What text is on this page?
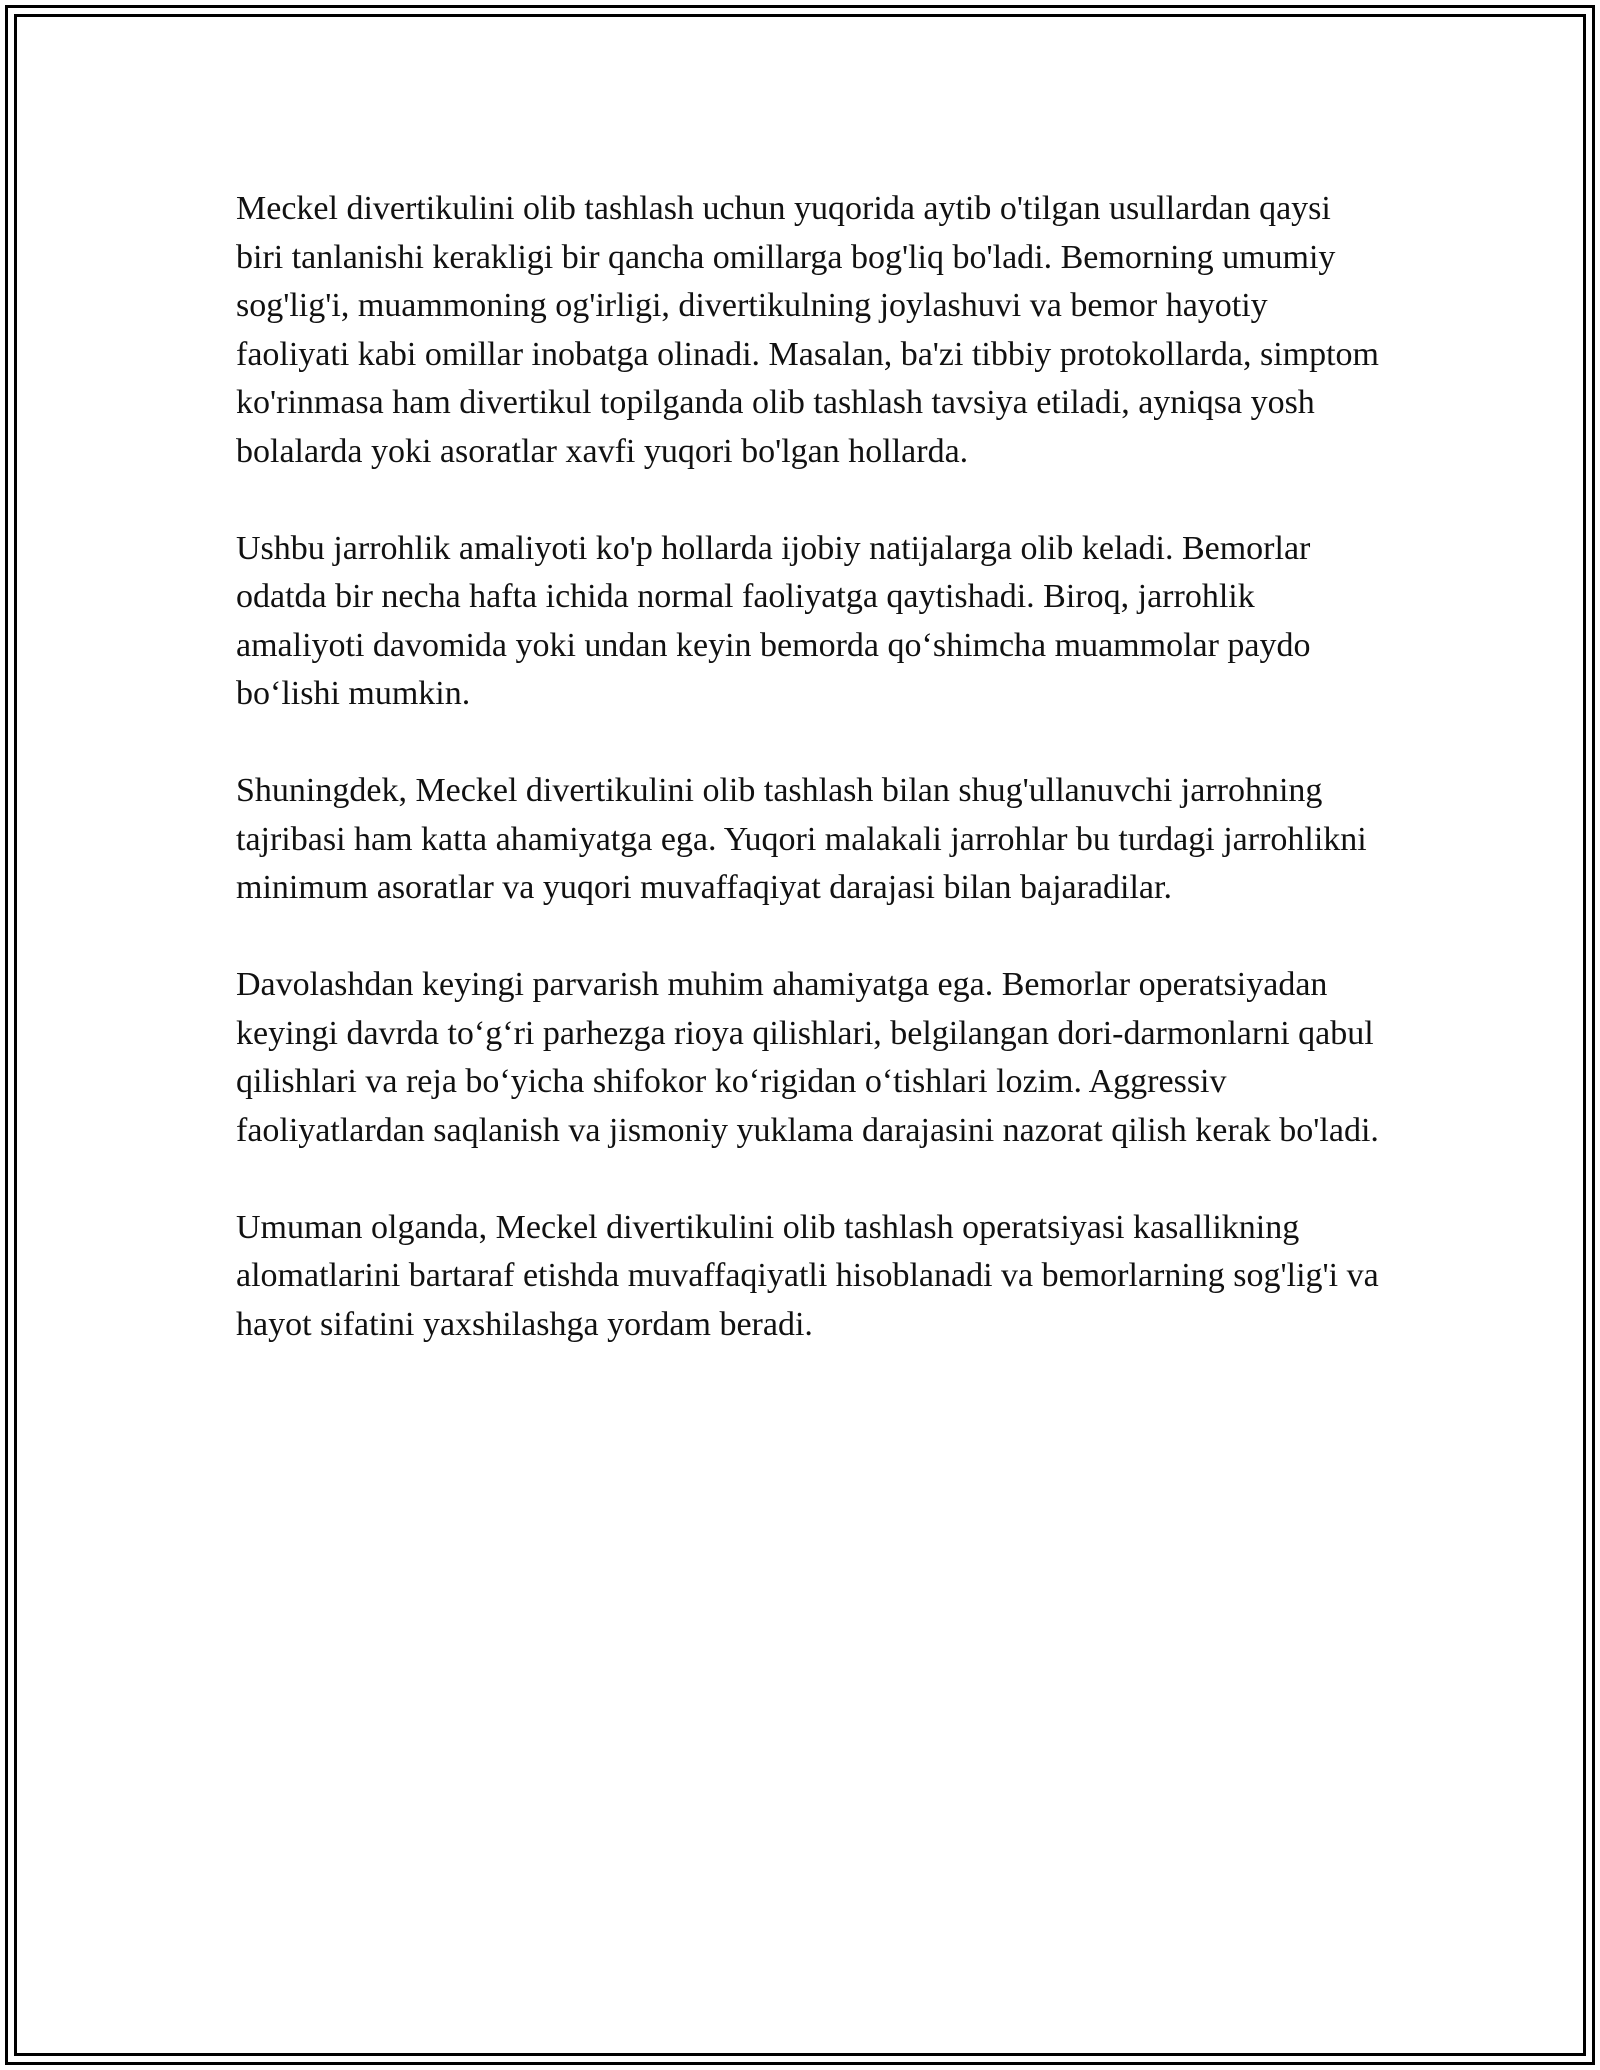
Meckel divertikulini olib tashlash uchun yuqorida aytib o'tilgan usullardan qaysi biri tanlanishi kerakligi bir qancha omillarga bog'liq bo'ladi. Bemorning umumiy sog'lig'i, muammoning og'irligi, divertikulning joylashuvi va bemor hayotiy faoliyati kabi omillar inobatga olinadi. Masalan, ba'zi tibbiy protokollarda, simptom ko'rinmasa ham divertikul topilganda olib tashlash tavsiya etiladi, ayniqsa yosh bolalarda yoki asoratlar xavfi yuqori bo'lgan hollarda.

Ushbu jarrohlik amaliyoti ko'p hollarda ijobiy natijalarga olib keladi. Bemorlar odatda bir necha hafta ichida normal faoliyatga qaytishadi. Biroq, jarrohlik amaliyoti davomida yoki undan keyin bemorda qo‘shimcha muammolar paydo bo‘lishi mumkin.

Shuningdek, Meckel divertikulini olib tashlash bilan shug'ullanuvchi jarrohning tajribasi ham katta ahamiyatga ega. Yuqori malakali jarrohlar bu turdagi jarrohlikni minimum asoratlar va yuqori muvaffaqiyat darajasi bilan bajaradilar.

Davolashdan keyingi parvarish muhim ahamiyatga ega. Bemorlar operatsiyadan keyingi davrda to‘g‘ri parhezga rioya qilishlari, belgilangan dori-darmonlarni qabul qilishlari va reja bo‘yicha shifokor ko‘rigidan o‘tishlari lozim. Aggressiv faoliyatlardan saqlanish va jismoniy yuklama darajasini nazorat qilish kerak bo'ladi.

Umuman olganda, Meckel divertikulini olib tashlash operatsiyasi kasallikning alomatlarini bartaraf etishda muvaffaqiyatli hisoblanadi va bemorlarning sog'lig'i va hayot sifatini yaxshilashga yordam beradi.
